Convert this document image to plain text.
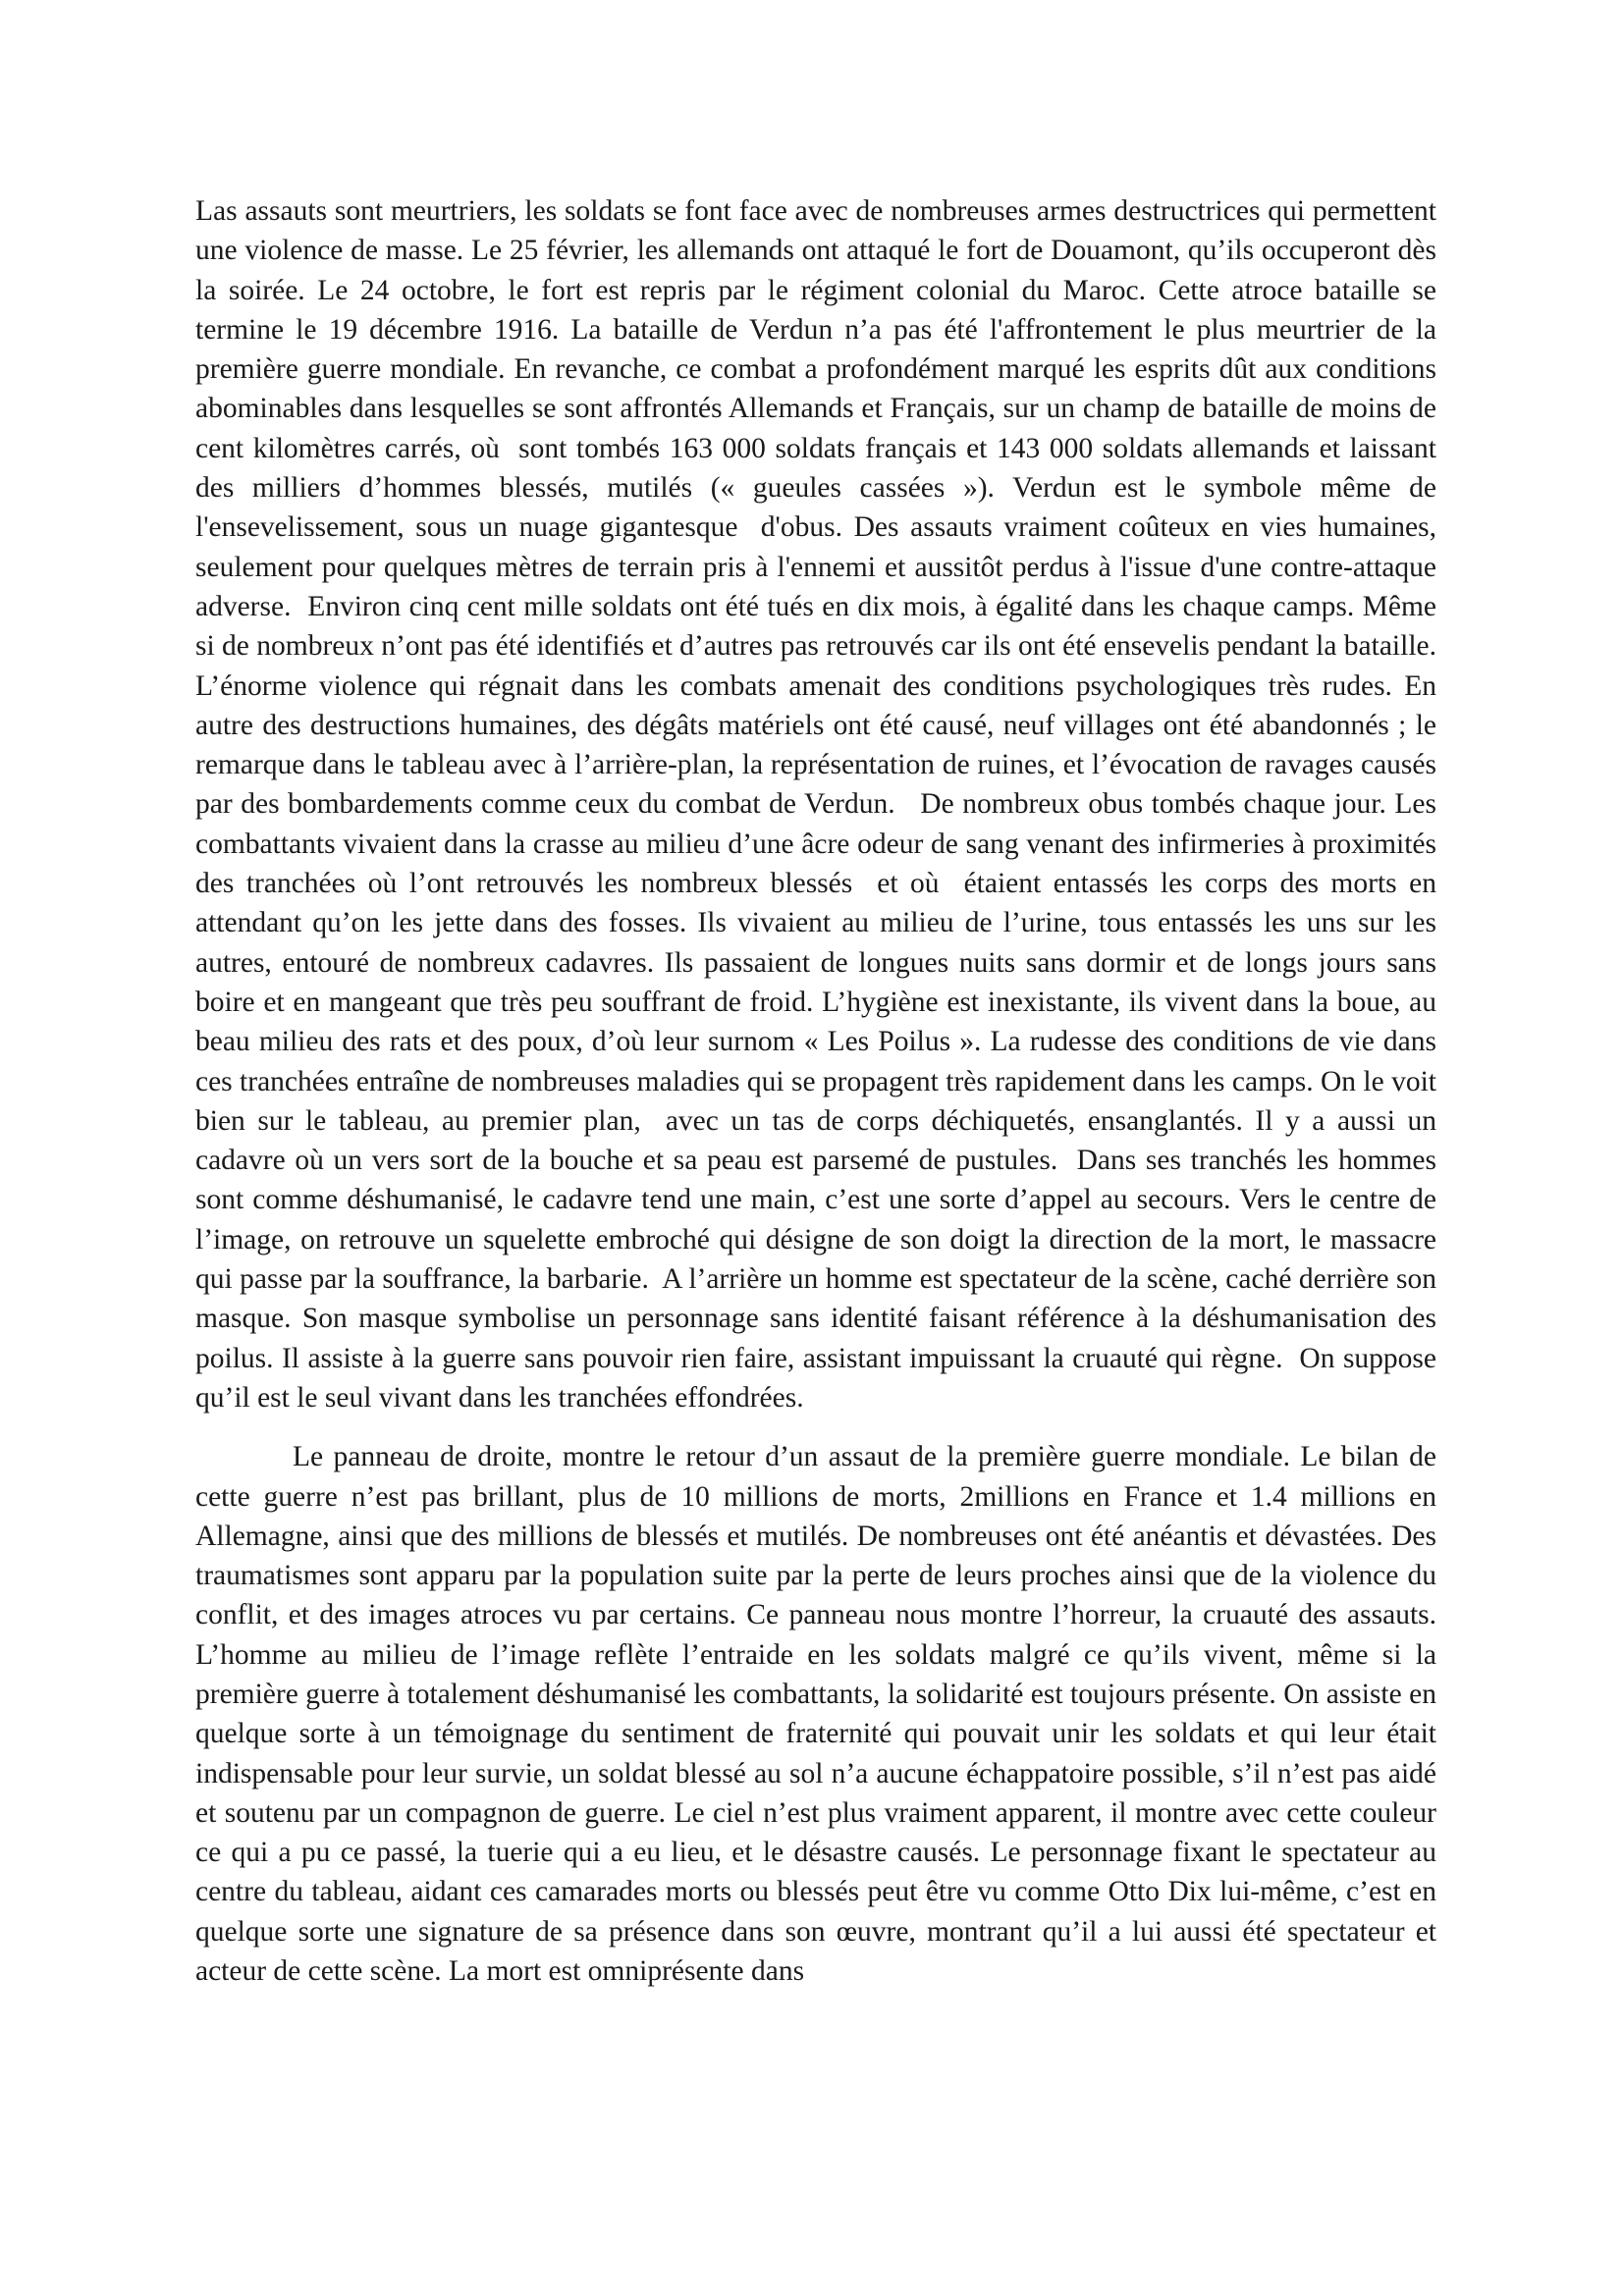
Las assauts sont meurtriers, les soldats se font face avec de nombreuses armes destructrices qui permettent une violence de masse. Le 25 février, les allemands ont attaqué le fort de Douamont, qu’ils occuperont dès la soirée. Le 24 octobre, le fort est repris par le régiment colonial du Maroc. Cette atroce bataille se termine le 19 décembre 1916. La bataille de Verdun n’a pas été l'affrontement le plus meurtrier de la première guerre mondiale. En revanche, ce combat a profondément marqué les esprits dût aux conditions abominables dans lesquelles se sont affrontés Allemands et Français, sur un champ de bataille de moins de cent kilomètres carrés, où  sont tombés 163 000 soldats français et 143 000 soldats allemands et laissant des milliers d’hommes blessés, mutilés (« gueules cassées »). Verdun est le symbole même de l'ensevelissement, sous un nuage gigantesque  d'obus. Des assauts vraiment coûteux en vies humaines, seulement pour quelques mètres de terrain pris à l'ennemi et aussitôt perdus à l'issue d'une contre-attaque adverse.  Environ cinq cent mille soldats ont été tués en dix mois, à égalité dans les chaque camps. Même si de nombreux n’ont pas été identifiés et d’autres pas retrouvés car ils ont été ensevelis pendant la bataille.  L’énorme violence qui régnait dans les combats amenait des conditions psychologiques très rudes. En autre des destructions humaines, des dégâts matériels ont été causé, neuf villages ont été abandonnés ; le remarque dans le tableau avec à l’arrière-plan, la représentation de ruines, et l’évocation de ravages causés par des bombardements comme ceux du combat de Verdun.   De nombreux obus tombés chaque jour. Les combattants vivaient dans la crasse au milieu d’une âcre odeur de sang venant des infirmeries à proximités des tranchées où l’ont retrouvés les nombreux blessés  et où  étaient entassés les corps des morts en attendant qu’on les jette dans des fosses. Ils vivaient au milieu de l’urine, tous entassés les uns sur les autres, entouré de nombreux cadavres. Ils passaient de longues nuits sans dormir et de longs jours sans boire et en mangeant que très peu souffrant de froid. L’hygiène est inexistante, ils vivent dans la boue, au beau milieu des rats et des poux, d’où leur surnom « Les Poilus ». La rudesse des conditions de vie dans ces tranchées entraîne de nombreuses maladies qui se propagent très rapidement dans les camps. On le voit bien sur le tableau, au premier plan,  avec un tas de corps déchiquetés, ensanglantés. Il y a aussi un cadavre où un vers sort de la bouche et sa peau est parsemé de pustules.  Dans ses tranchés les hommes sont comme déshumanisé, le cadavre tend une main, c’est une sorte d’appel au secours. Vers le centre de l’image, on retrouve un squelette embroché qui désigne de son doigt la direction de la mort, le massacre qui passe par la souffrance, la barbarie.  A l’arrière un homme est spectateur de la scène, caché derrière son masque. Son masque symbolise un personnage sans identité faisant référence à la déshumanisation des poilus. Il assiste à la guerre sans pouvoir rien faire, assistant impuissant la cruauté qui règne.  On suppose qu’il est le seul vivant dans les tranchées effondrées.

Le panneau de droite, montre le retour d’un assaut de la première guerre mondiale. Le bilan de cette guerre n’est pas brillant, plus de 10 millions de morts, 2millions en France et 1.4 millions en Allemagne, ainsi que des millions de blessés et mutilés. De nombreuses ont été anéantis et dévastées. Des traumatismes sont apparu par la population suite par la perte de leurs proches ainsi que de la violence du conflit, et des images atroces vu par certains. Ce panneau nous montre l’horreur, la cruauté des assauts. L’homme au milieu de l’image reflète l’entraide en les soldats malgré ce qu’ils vivent, même si la première guerre à totalement déshumanisé les combattants, la solidarité est toujours présente. On assiste en quelque sorte à un témoignage du sentiment de fraternité qui pouvait unir les soldats et qui leur était indispensable pour leur survie, un soldat blessé au sol n’a aucune échappatoire possible, s’il n’est pas aidé et soutenu par un compagnon de guerre. Le ciel n’est plus vraiment apparent, il montre avec cette couleur ce qui a pu ce passé, la tuerie qui a eu lieu, et le désastre causés. Le personnage fixant le spectateur au centre du tableau, aidant ces camarades morts ou blessés peut être vu comme Otto Dix lui-même, c’est en quelque sorte une signature de sa présence dans son œuvre, montrant qu’il a lui aussi été spectateur et acteur de cette scène. La mort est omniprésente dans
